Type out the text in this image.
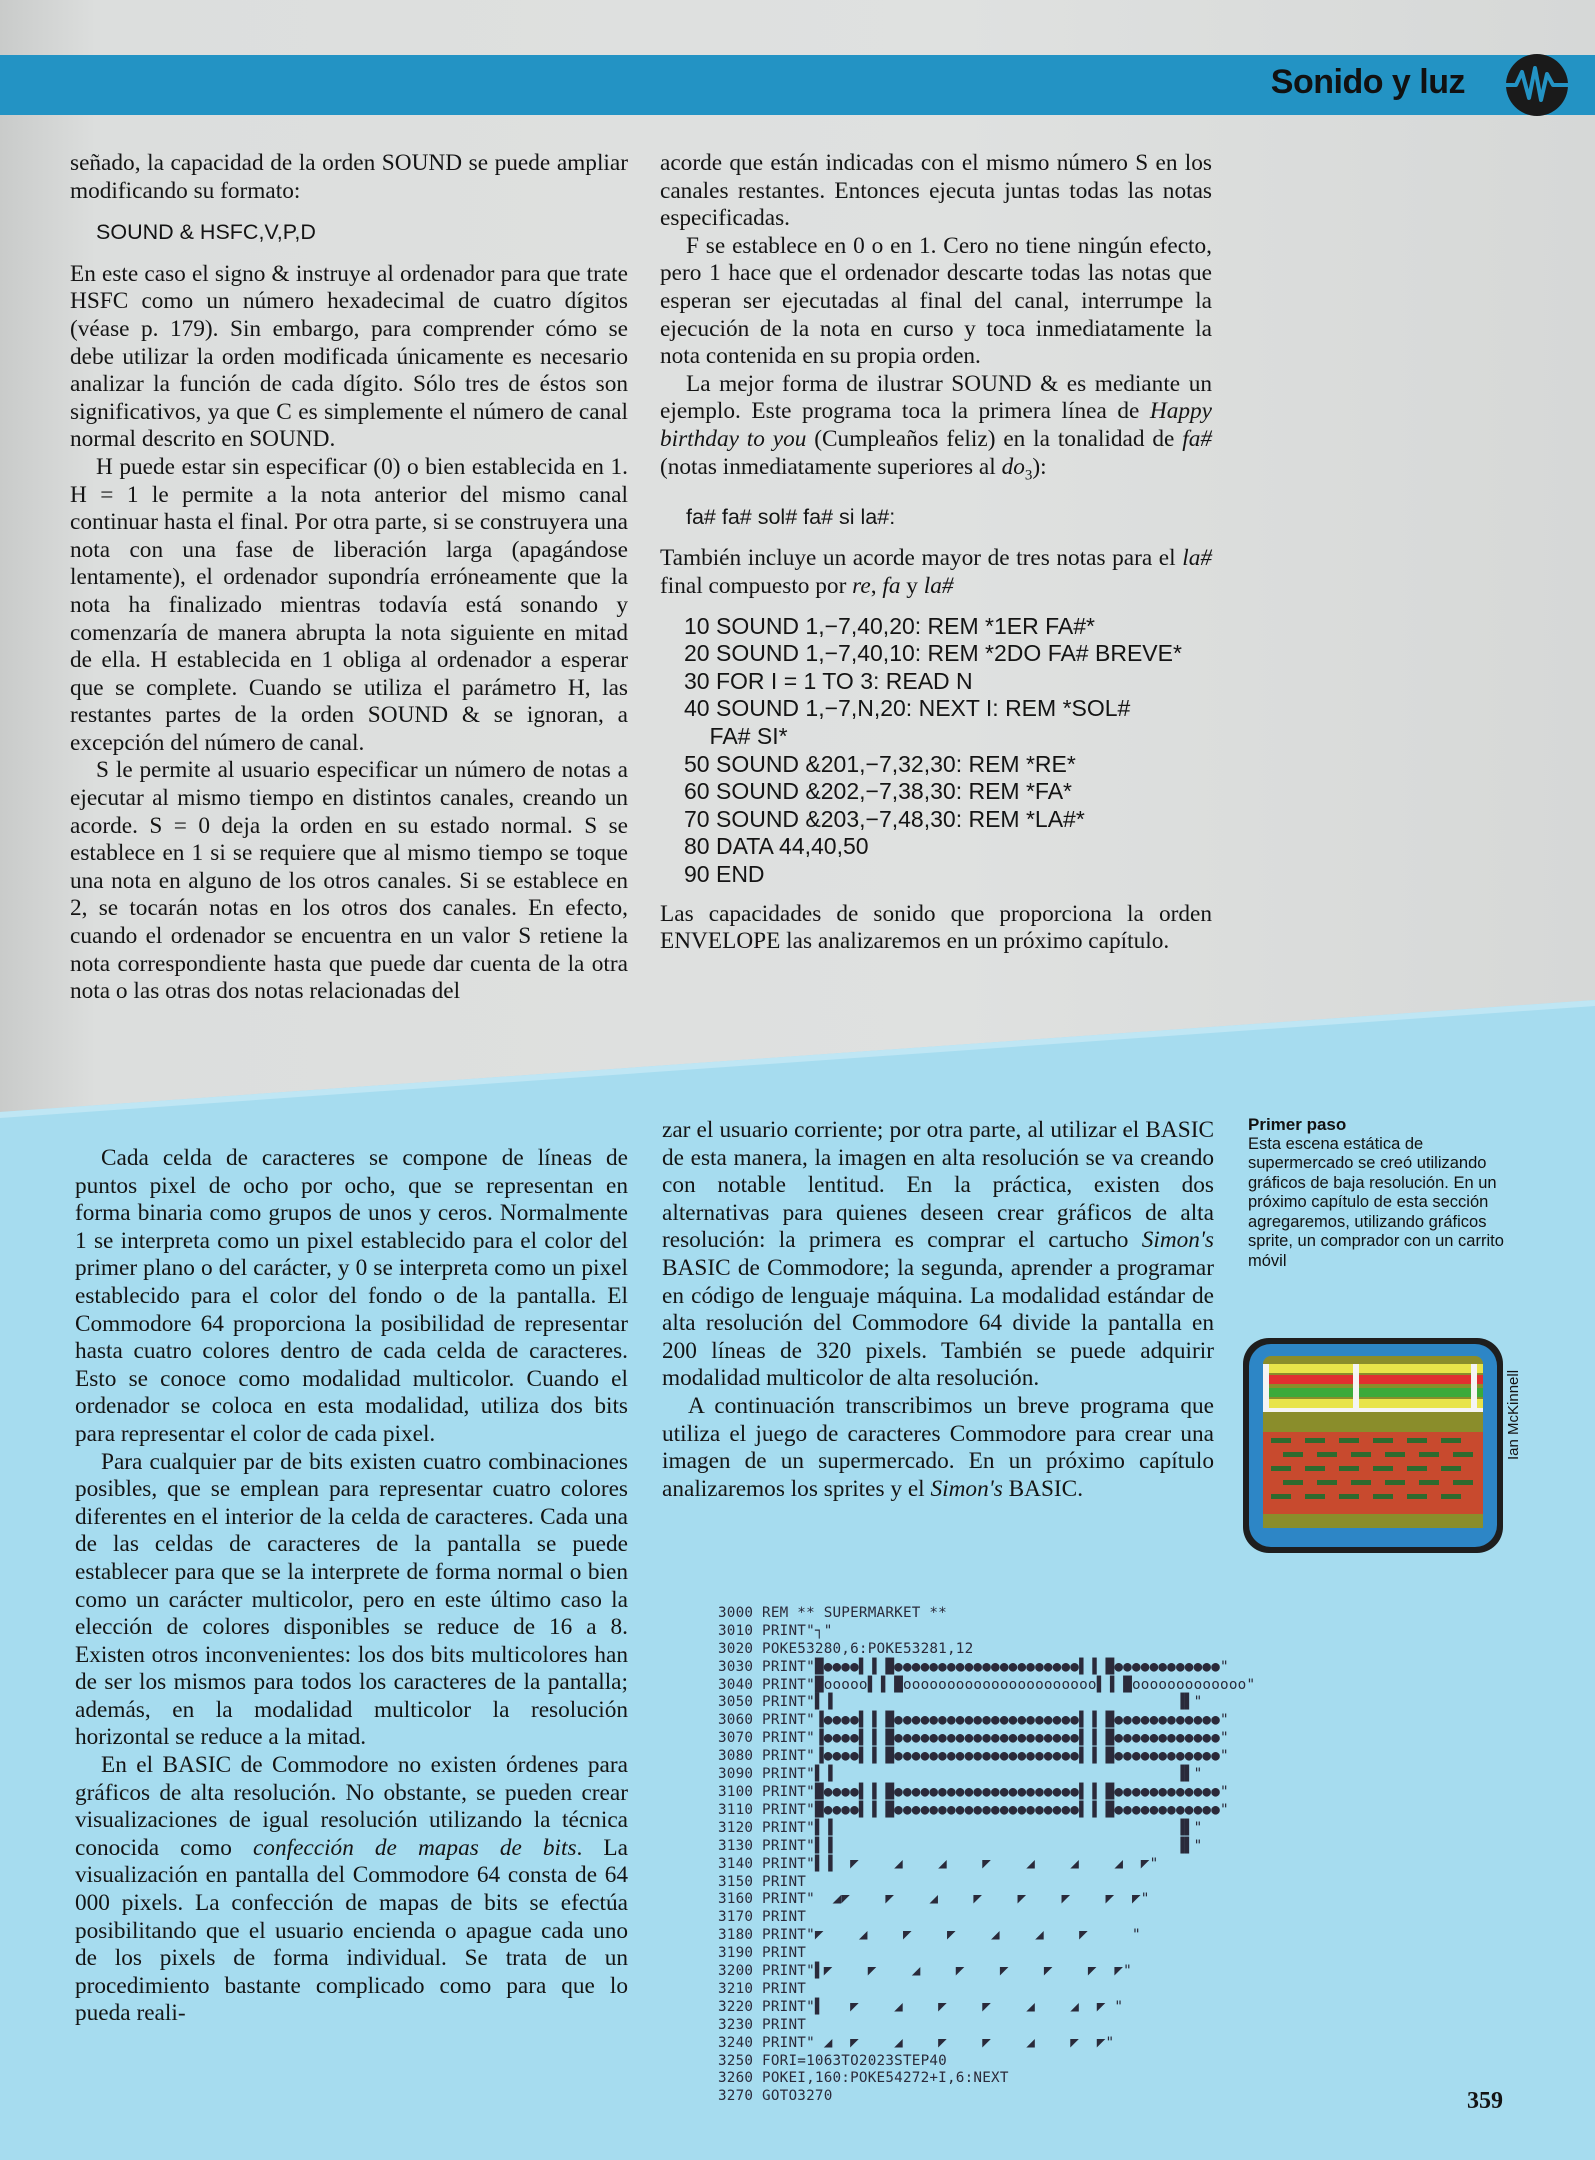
Sonido y luz

señado, la capacidad de la orden SOUND se puede ampliar modificando su formato:

SOUND & HSFC,V,P,D

En este caso el signo & instruye al ordenador para que trate HSFC como un número hexadecimal de cuatro dígitos (véase p. 179). Sin embargo, para comprender cómo se debe utilizar la orden modificada únicamente es necesario analizar la función de cada dígito. Sólo tres de éstos son significativos, ya que C es simplemente el número de canal normal descrito en SOUND.

H puede estar sin especificar (0) o bien establecida en 1. H = 1 le permite a la nota anterior del mismo canal continuar hasta el final. Por otra parte, si se construyera una nota con una fase de liberación larga (apagándose lentamente), el ordenador supondría erróneamente que la nota ha finalizado mientras todavía está sonando y comenzaría de manera abrupta la nota siguiente en mitad de ella. H establecida en 1 obliga al ordenador a esperar que se complete. Cuando se utiliza el parámetro H, las restantes partes de la orden SOUND & se ignoran, a excepción del número de canal.

S le permite al usuario especificar un número de notas a ejecutar al mismo tiempo en distintos canales, creando un acorde. S = 0 deja la orden en su estado normal. S se establece en 1 si se requiere que al mismo tiempo se toque una nota en alguno de los otros canales. Si se establece en 2, se tocarán notas en los otros dos canales. En efecto, cuando el ordenador se encuentra en un valor S retiene la nota correspondiente hasta que puede dar cuenta de la otra nota o las otras dos notas relacionadas del

acorde que están indicadas con el mismo número S en los canales restantes. Entonces ejecuta juntas todas las notas especificadas.

F se establece en 0 o en 1. Cero no tiene ningún efecto, pero 1 hace que el ordenador descarte todas las notas que esperan ser ejecutadas al final del canal, interrumpe la ejecución de la nota en curso y toca inmediatamente la nota contenida en su propia orden.

La mejor forma de ilustrar SOUND & es mediante un ejemplo. Este programa toca la primera línea de Happy birthday to you (Cumpleaños feliz) en la tonalidad de fa# (notas inmediatamente superiores al $do_3$):

fa# fa# sol# fa# si la#:

También incluye un acorde mayor de tres notas para el la# final compuesto por re, fa y la#

10 SOUND 1,−7,40,20: REM *1ER FA#*
20 SOUND 1,−7,40,10: REM *2DO FA# BREVE*
30 FOR I = 1 TO 3: READ N
40 SOUND 1,−7,N,20: NEXT I: REM *SOL#
FA# SI*
50 SOUND &201,−7,32,30: REM *RE*
60 SOUND &202,−7,38,30: REM *FA*
70 SOUND &203,−7,48,30: REM *LA#*
80 DATA 44,40,50
90 END

Las capacidades de sonido que proporciona la orden ENVELOPE las analizaremos en un próximo capítulo.

Cada celda de caracteres se compone de líneas de puntos pixel de ocho por ocho, que se representan en forma binaria como grupos de unos y ceros. Normalmente 1 se interpreta como un pixel establecido para el color del primer plano o del carácter, y 0 se interpreta como un pixel establecido para el color del fondo o de la pantalla. El Commodore 64 proporciona la posibilidad de representar hasta cuatro colores dentro de cada celda de caracteres. Esto se conoce como modalidad multicolor. Cuando el ordenador se coloca en esta modalidad, utiliza dos bits para representar el color de cada pixel.

Para cualquier par de bits existen cuatro combinaciones posibles, que se emplean para representar cuatro colores diferentes en el interior de la celda de caracteres. Cada una de las celdas de caracteres de la pantalla se puede establecer para que se la interprete de forma normal o bien como un carácter multicolor, pero en este último caso la elección de colores disponibles se reduce de 16 a 8. Existen otros inconvenientes: los dos bits multicolores han de ser los mismos para todos los caracteres de la pantalla; además, en la modalidad multicolor la resolución horizontal se reduce a la mitad.

En el BASIC de Commodore no existen órdenes para gráficos de alta resolución. No obstante, se pueden crear visualizaciones de igual resolución utilizando la técnica conocida como confección de mapas de bits. La visualización en pantalla del Commodore 64 consta de 64 000 pixels. La confección de mapas de bits se efectúa posibilitando que el usuario encienda o apague cada uno de los pixels de forma individual. Se trata de un procedimiento bastante complicado como para que lo pueda reali-

zar el usuario corriente; por otra parte, al utilizar el BASIC de esta manera, la imagen en alta resolución se va creando con notable lentitud. En la práctica, existen dos alternativas para quienes deseen crear gráficos de alta resolución: la primera es comprar el cartucho Simon's BASIC de Commodore; la segunda, aprender a programar en código de lenguaje máquina. La modalidad estándar de alta resolución del Commodore 64 divide la pantalla en 200 líneas de 320 pixels. También se puede adquirir modalidad multicolor de alta resolución.

A continuación transcribimos un breve programa que utiliza el juego de caracteres Commodore para crear una imagen de un supermercado. En un próximo capítulo analizaremos los sprites y el Simon's BASIC.

Primer paso
Esta escena estática de supermercado se creó utilizando gráficos de baja resolución. En un próximo capítulo de esta sección agregaremos, utilizando gráficos sprite, un comprador con un carrito móvil
Ian McKinnell

3000 REM ** SUPERMARKET **
3010 PRINT"┐"
3020 POKE53280,6:POKE53281,12
3030 PRINT"█●●●●▌▐ █●●●●●●●●●●●●●●●●●●●●●▌▐ █●●●●●●●●●●●●"
3040 PRINT"█ooooo▌▐ █oooooooooooooooooooooo▌▐ █ooooooooooooo"
3050 PRINT"▌▐                                       ▐▌"
3060 PRINT"▐●●●●▌▐ █●●●●●●●●●●●●●●●●●●●●●▌▐ █●●●●●●●●●●●●"
3070 PRINT"▐●●●●▌▐ █●●●●●●●●●●●●●●●●●●●●●▌▐ █●●●●●●●●●●●●"
3080 PRINT"▐●●●●▌▐ █●●●●●●●●●●●●●●●●●●●●●▌▐ █●●●●●●●●●●●●"
3090 PRINT"▌▐                                       ▐▌"
3100 PRINT"█●●●●▌▐ █●●●●●●●●●●●●●●●●●●●●●▌▐ █●●●●●●●●●●●●"
3110 PRINT"█●●●●▌▐ █●●●●●●●●●●●●●●●●●●●●●▌▐ █●●●●●●●●●●●●"
3120 PRINT"▌▐                                       ▐▌"
3130 PRINT"▌▐                                       ▐▌"
3140 PRINT"▌▐  ◤    ◢    ◢    ◤    ◢    ◢    ◢  ◤"
3150 PRINT
3160 PRINT"  ◢◤    ◤    ◢    ◤    ◤    ◤    ◤  ◤"
3170 PRINT
3180 PRINT"◤    ◢    ◤    ◤    ◢    ◢    ◤     "
3190 PRINT
3200 PRINT"▌◤    ◤    ◢    ◤    ◤    ◤    ◤  ◤"
3210 PRINT
3220 PRINT"▌   ◤    ◢    ◤    ◤    ◢    ◢  ◤ "
3230 PRINT
3240 PRINT" ◢  ◤    ◢    ◤    ◤    ◢    ◤  ◤"
3250 FORI=1063TO2023STEP40
3260 POKEI,160:POKE54272+I,6:NEXT
3270 GOTO3270	359
